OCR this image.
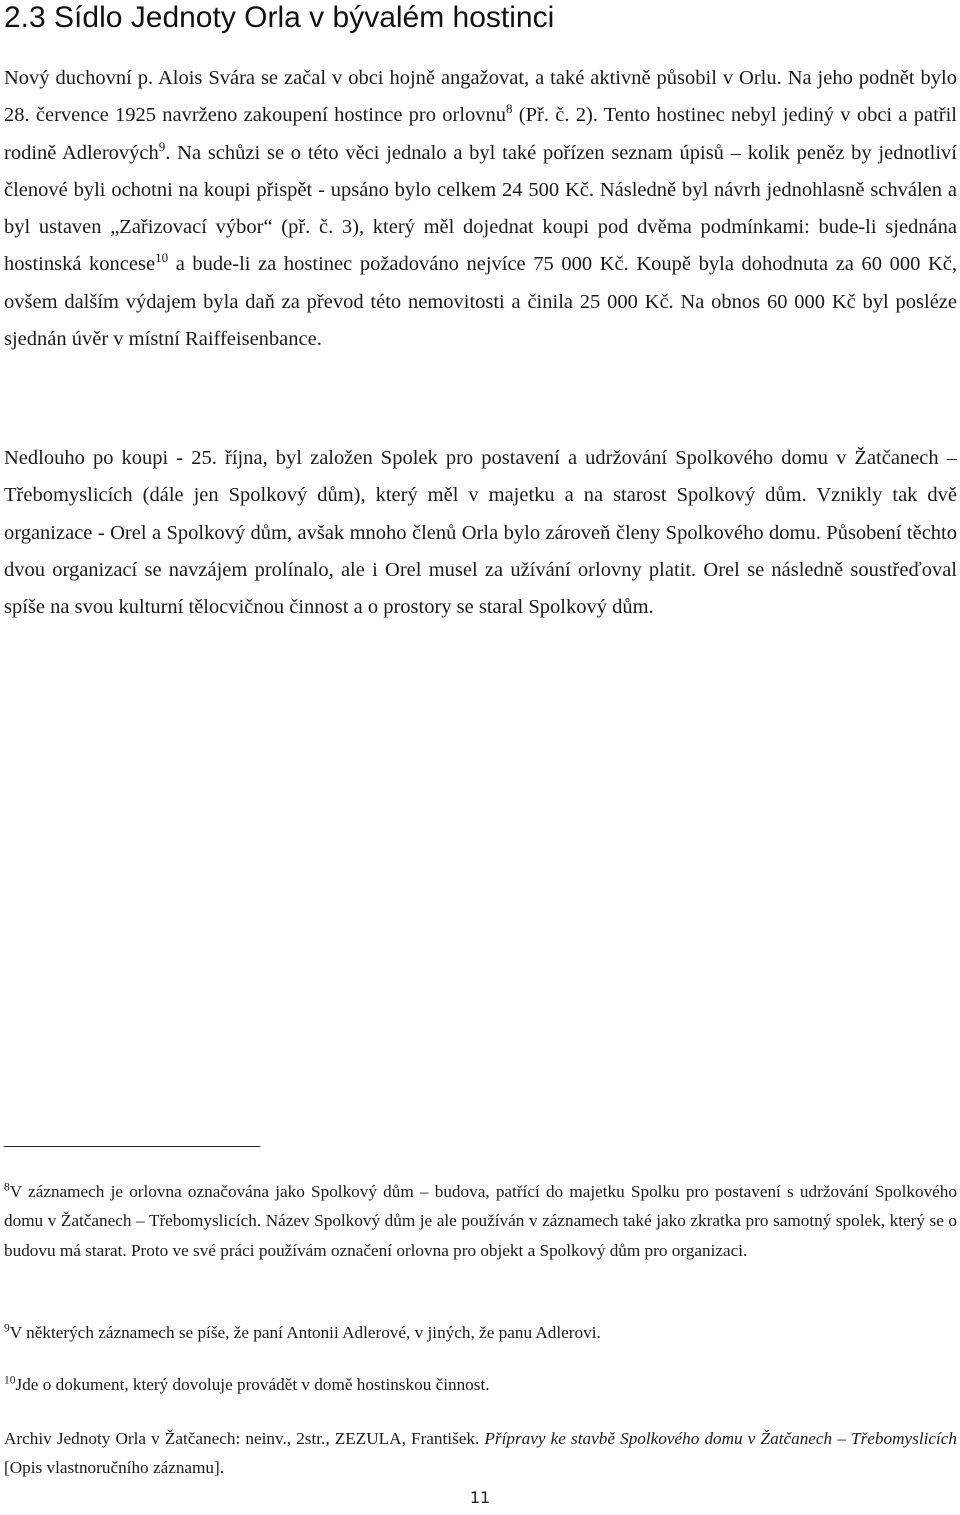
2.3 Sídlo Jednoty Orla v bývalém hostinci

Nový duchovní p. Alois Svára se začal v obci hojně angažovat, a také aktivně působil v Orlu. Na jeho podnět bylo 28. července 1925 navrženo zakoupení hostince pro orlovnu$^8$ (Př. č. 2). Tento hostinec nebyl jediný v obci a patřil rodině Adlerových$^9$. Na schůzi se o této věci jednalo a byl také pořízen seznam úpisů – kolik peněz by jednotliví členové byli ochotni na koupi přispět - upsáno bylo celkem 24 500 Kč. Následně byl návrh jednohlasně schválen a byl ustaven „Zařizovací výbor“ (př. č. 3), který měl dojednat koupi pod dvěma podmínkami: bude-li sjednána hostinská koncese$^{10}$ a bude-li za hostinec požadováno nejvíce 75 000 Kč. Koupě byla dohodnuta za 60 000 Kč, ovšem dalším výdajem byla daň za převod této nemovitosti a činila 25 000 Kč. Na obnos 60 000 Kč byl posléze sjednán úvěr v místní Raiffeisenbance.

Nedlouho po koupi - 25. října, byl založen Spolek pro postavení a udržování Spolkového domu v Žatčanech – Třebomyslicích (dále jen Spolkový dům), který měl v majetku a na starost Spolkový dům. Vznikly tak dvě organizace - Orel a Spolkový dům, avšak mnoho členů Orla bylo zároveň členy Spolkového domu. Působení těchto dvou organizací se navzájem prolínalo, ale i Orel musel za užívání orlovny platit. Orel se následně soustřeďoval spíše na svou kulturní tělocvičnou činnost a o prostory se staral Spolkový dům.

$^8$V záznamech je orlovna označována jako Spolkový dům – budova, patřící do majetku Spolku pro postavení s udržování Spolkového domu v Žatčanech – Třebomyslicích. Název Spolkový dům je ale používán v záznamech také jako zkratka pro samotný spolek, který se o budovu má starat. Proto ve své práci používám označení orlovna pro objekt a Spolkový dům pro organizaci.

$^9$V některých záznamech se píše, že paní Antonii Adlerové, v jiných, že panu Adlerovi.

$^{10}$Jde o dokument, který dovoluje provádět v domě hostinskou činnost.

Archiv Jednoty Orla v Žatčanech: neinv., 2str., ZEZULA, František. Přípravy ke stavbě Spolkového domu v Žatčanech – Třebomyslicích [Opis vlastnoručního záznamu].

11
